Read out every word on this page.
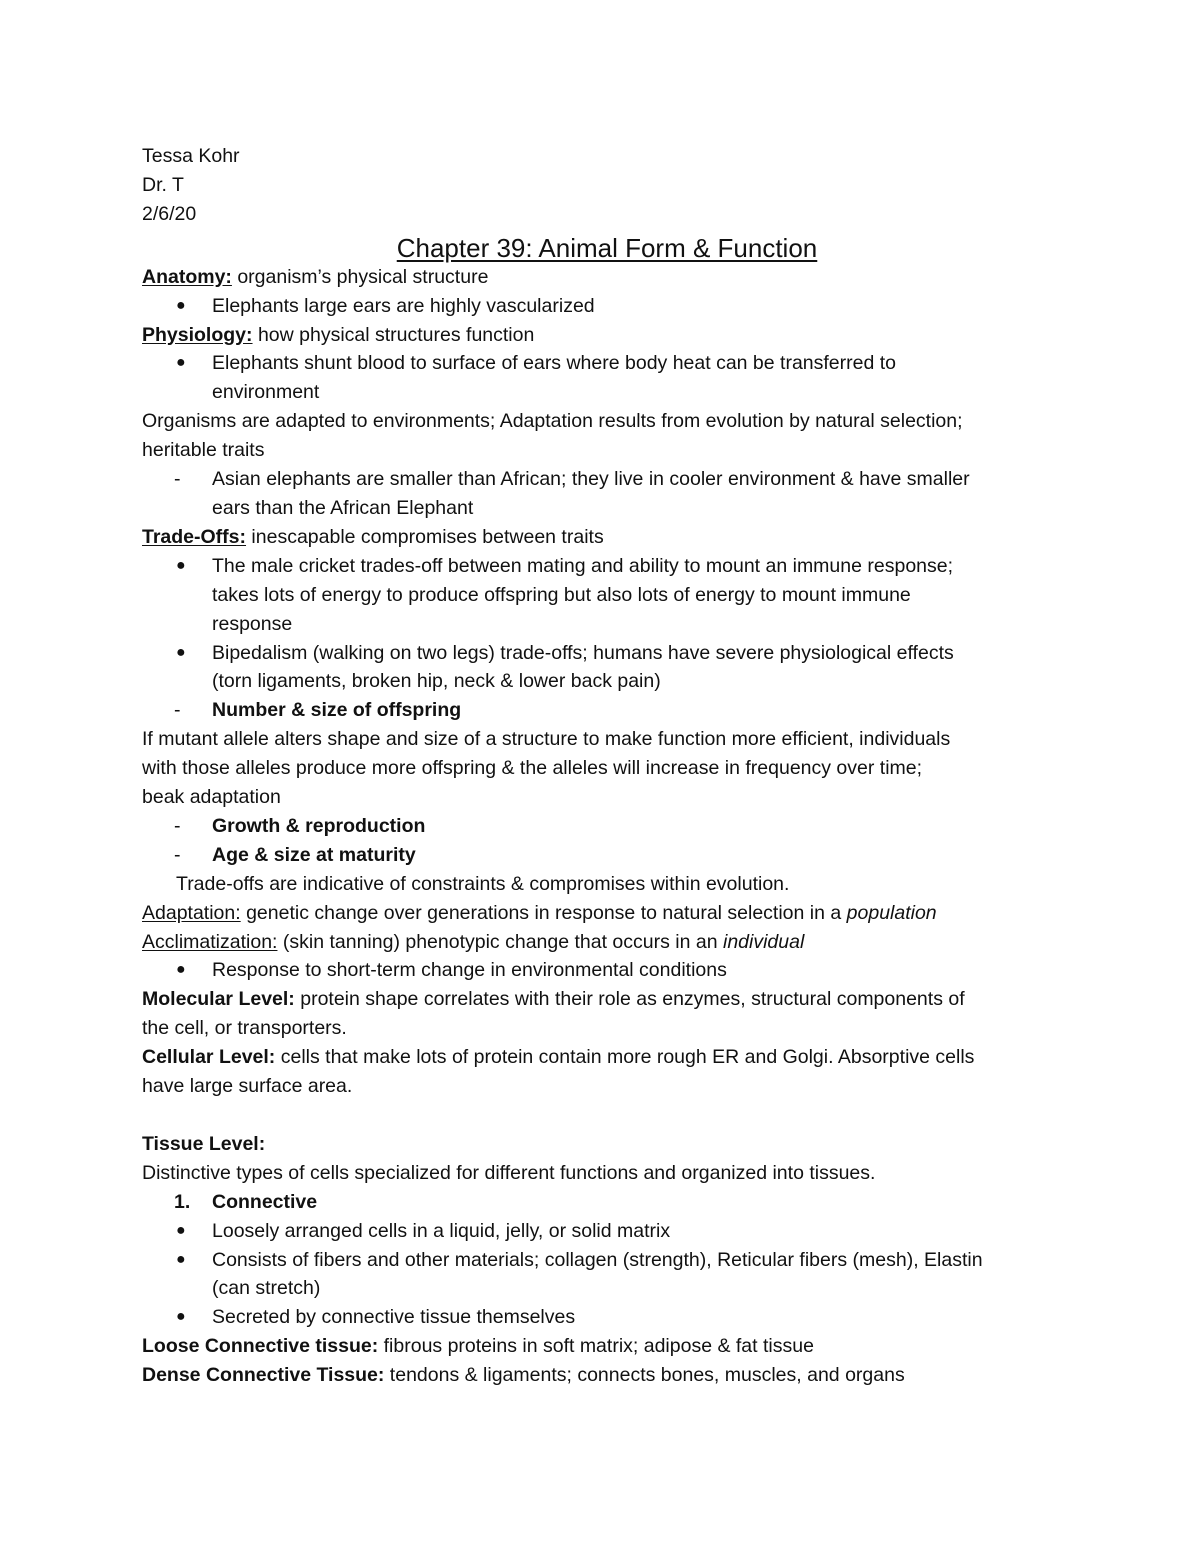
Tessa Kohr
Dr. T
2/6/20
Chapter 39: Animal Form & Function
Anatomy: organism’s physical structure
●	Elephants large ears are highly vascularized
Physiology: how physical structures function
●	Elephants shunt blood to surface of ears where body heat can be transferred to
environment
Organisms are adapted to environments; Adaptation results from evolution by natural selection;
heritable traits
-	Asian elephants are smaller than African; they live in cooler environment & have smaller
ears than the African Elephant
Trade-Offs: inescapable compromises between traits
●	The male cricket trades-off between mating and ability to mount an immune response;
takes lots of energy to produce offspring but also lots of energy to mount immune
response
●	Bipedalism (walking on two legs) trade-offs; humans have severe physiological effects
(torn ligaments, broken hip, neck & lower back pain)
-	Number & size of offspring
If mutant allele alters shape and size of a structure to make function more efficient, individuals
with those alleles produce more offspring & the alleles will increase in frequency over time;
beak adaptation
-	Growth & reproduction
-	Age & size at maturity
Trade-offs are indicative of constraints & compromises within evolution.
Adaptation: genetic change over generations in response to natural selection in a population
Acclimatization: (skin tanning) phenotypic change that occurs in an individual
●	Response to short-term change in environmental conditions
Molecular Level: protein shape correlates with their role as enzymes, structural components of
the cell, or transporters.
Cellular Level: cells that make lots of protein contain more rough ER and Golgi. Absorptive cells
have large surface area.
Tissue Level:
Distinctive types of cells specialized for different functions and organized into tissues.
1. Connective
●	Loosely arranged cells in a liquid, jelly, or solid matrix
●	Consists of fibers and other materials; collagen (strength), Reticular fibers (mesh), Elastin
(can stretch)
●	Secreted by connective tissue themselves
Loose Connective tissue: fibrous proteins in soft matrix; adipose & fat tissue
Dense Connective Tissue: tendons & ligaments; connects bones, muscles, and organs
